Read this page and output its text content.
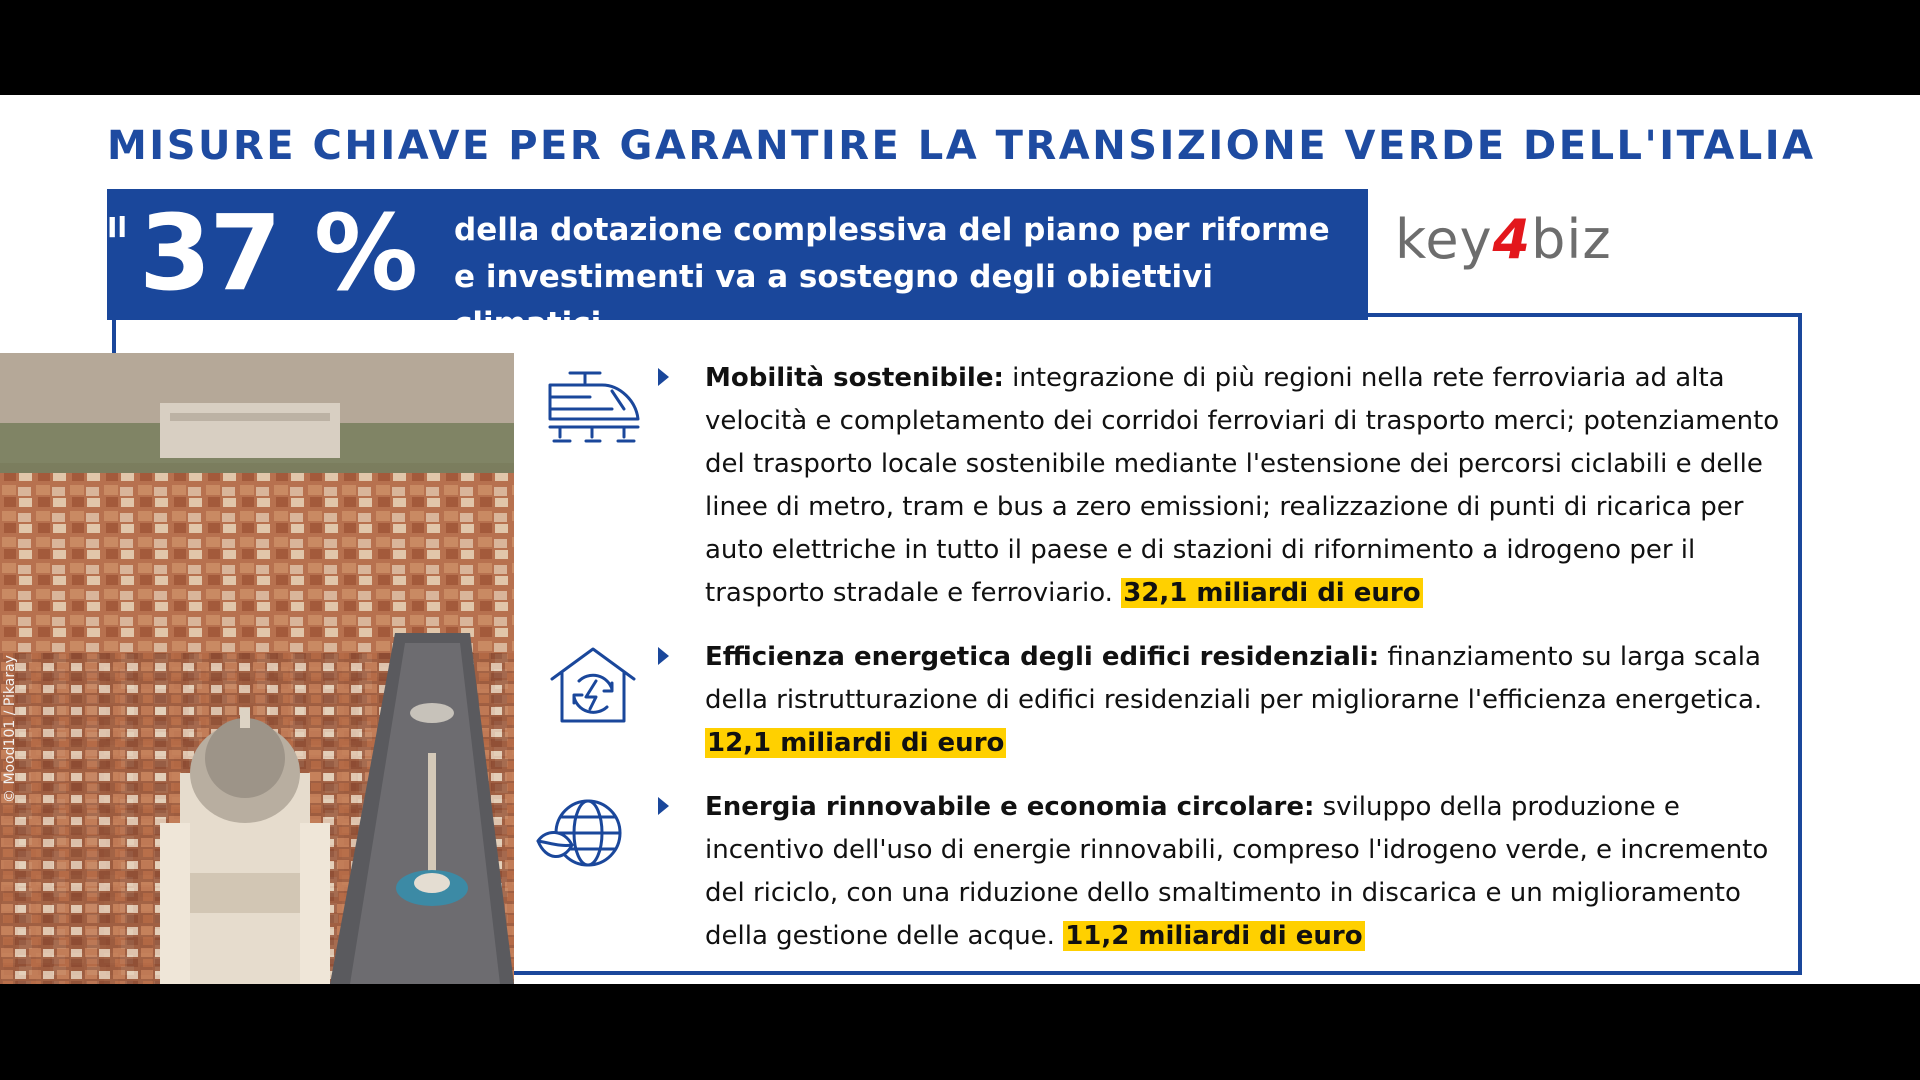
MISURE CHIAVE PER GARANTIRE LA TRANSIZIONE VERDE DELL'ITALIA
Il 37 % della dotazione complessiva del piano per riforme e investimenti va a sostegno degli obiettivi climatici.
key4biz
© Mood101 / Pikaray
Mobilità sostenibile: integrazione di più regioni nella rete ferroviaria ad alta velocità e completamento dei corridoi ferroviari di trasporto merci; potenziamento del trasporto locale sostenibile mediante l'estensione dei percorsi ciclabili e delle linee di metro, tram e bus a zero emissioni; realizzazione di punti di ricarica per auto elettriche in tutto il paese e di stazioni di rifornimento a idrogeno per il trasporto stradale e ferroviario. 32,1 miliardi di euro
Efficienza energetica degli edifici residenziali: finanziamento su larga scala della ristrutturazione di edifici residenziali per migliorarne l'efficienza energetica. 12,1 miliardi di euro
Energia rinnovabile e economia circolare: sviluppo della produzione e incentivo dell'uso di energie rinnovabili, compreso l'idrogeno verde, e incremento del riciclo, con una riduzione dello smaltimento in discarica e un miglioramento della gestione delle acque. 11,2 miliardi di euro
